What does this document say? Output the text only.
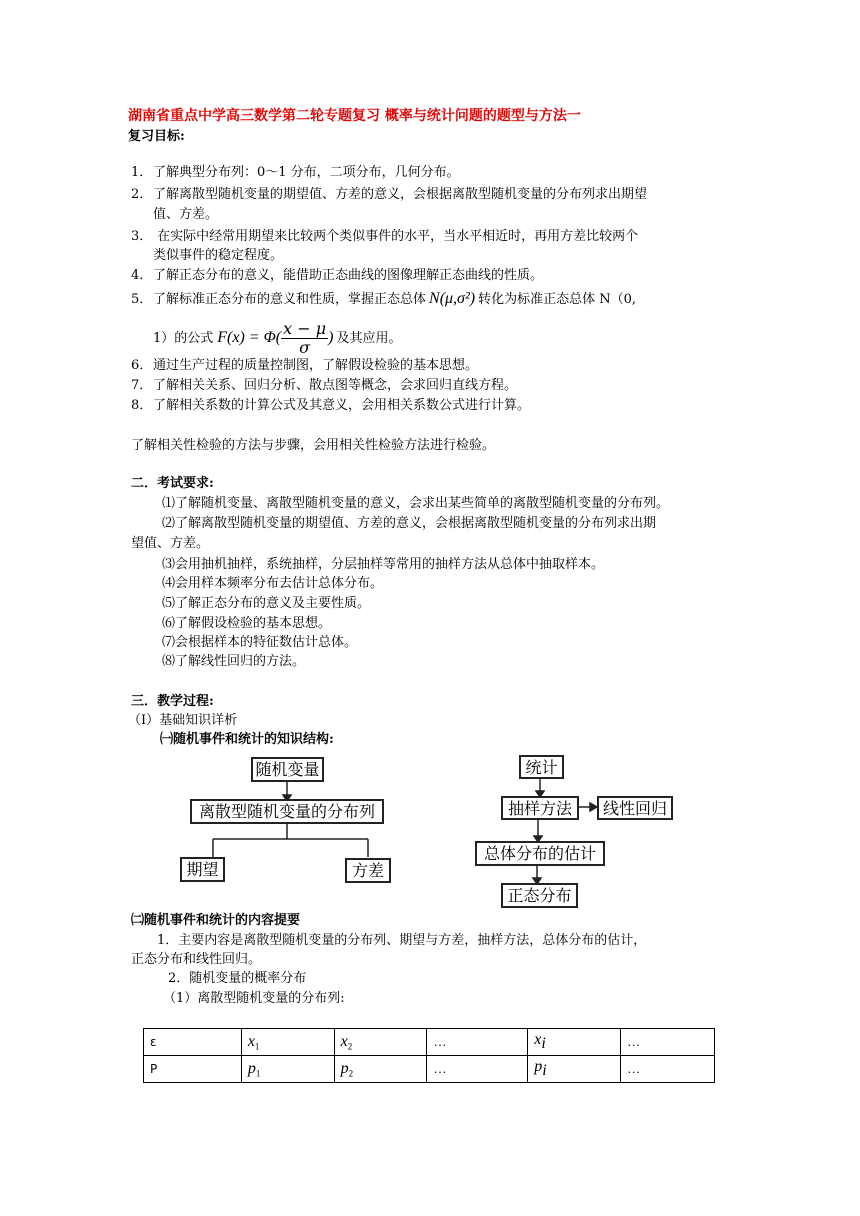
湖南省重点中学高三数学第二轮专题复习 概率与统计问题的题型与方法一
复习目标:
1．了解典型分布列：0～1 分布，二项分布，几何分布。
2．了解离散型随机变量的期望值、方差的意义，会根据离散型随机变量的分布列求出期望
值、方差。
3． 在实际中经常用期望来比较两个类似事件的水平，当水平相近时，再用方差比较两个
类似事件的稳定程度。
4．了解正态分布的意义，能借助正态曲线的图像理解正态曲线的性质。
5．了解标准正态分布的意义和性质，掌握正态总体 N(μ,σ²) 转化为标准正态总体 N（0,
1）的公式 $F(x) = \Phi( \frac{x - \mu}{\sigma}$ ) 及其应用。
6．通过生产过程的质量控制图，了解假设检验的基本思想。
7．了解相关关系、回归分析、散点图等概念，会求回归直线方程。
8．了解相关系数的计算公式及其意义，会用相关系数公式进行计算。
了解相关性检验的方法与步骤，会用相关性检验方法进行检验。
二．考试要求:
⑴了解随机变量、离散型随机变量的意义，会求出某些简单的离散型随机变量的分布列。
⑵了解离散型随机变量的期望值、方差的意义，会根据离散型随机变量的分布列求出期
望值、方差。
⑶会用抽机抽样，系统抽样，分层抽样等常用的抽样方法从总体中抽取样本。
⑷会用样本频率分布去估计总体分布。
⑸了解正态分布的意义及主要性质。
⑹了解假设检验的基本思想。
⑺会根据样本的特征数估计总体。
⑻了解线性回归的方法。
三．教学过程:
（Ⅰ）基础知识详析
㈠随机事件和统计的知识结构:
随机变量
离散型随机变量的分布列
期望	方差
统计
抽样方法	线性回归
总体分布的估计
正态分布
㈡随机事件和统计的内容提要
1．主要内容是离散型随机变量的分布列、期望与方差，抽样方法，总体分布的估计，
正态分布和线性回归。
2．随机变量的概率分布
（1）离散型随机变量的分布列:
ε	$x_1$	$x_2$	…	$x_i$	…
P	$p_1$	$p_2$	…	$p_i$	…
